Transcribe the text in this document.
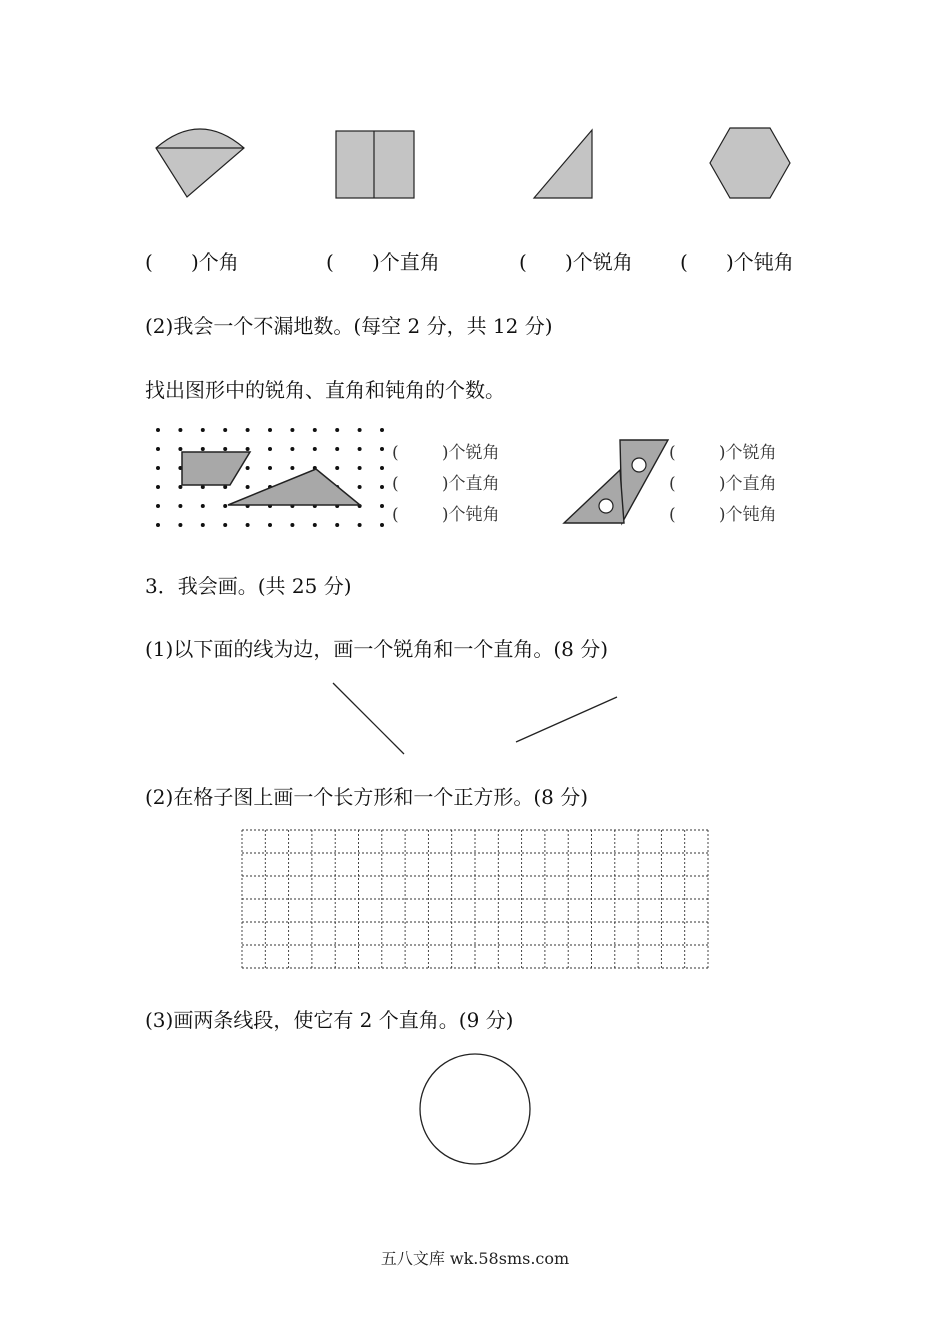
( )个角	( )个直角	( )个锐角 ( )个钝角
(2)我会一个不漏地数。(每空 2 分，共 12 分)
找出图形中的锐角、直角和钝角的个数。
(	)个锐角
(	)个直角
(	)个钝角
(	)个锐角
(	)个直角
(	)个钝角
3．我会画。(共 25 分)
(1)以下面的线为边，画一个锐角和一个直角。(8 分)
(2)在格子图上画一个长方形和一个正方形。(8 分)
(3)画两条线段，使它有 2 个直角。(9 分)
五八文库 wk.58sms.com
